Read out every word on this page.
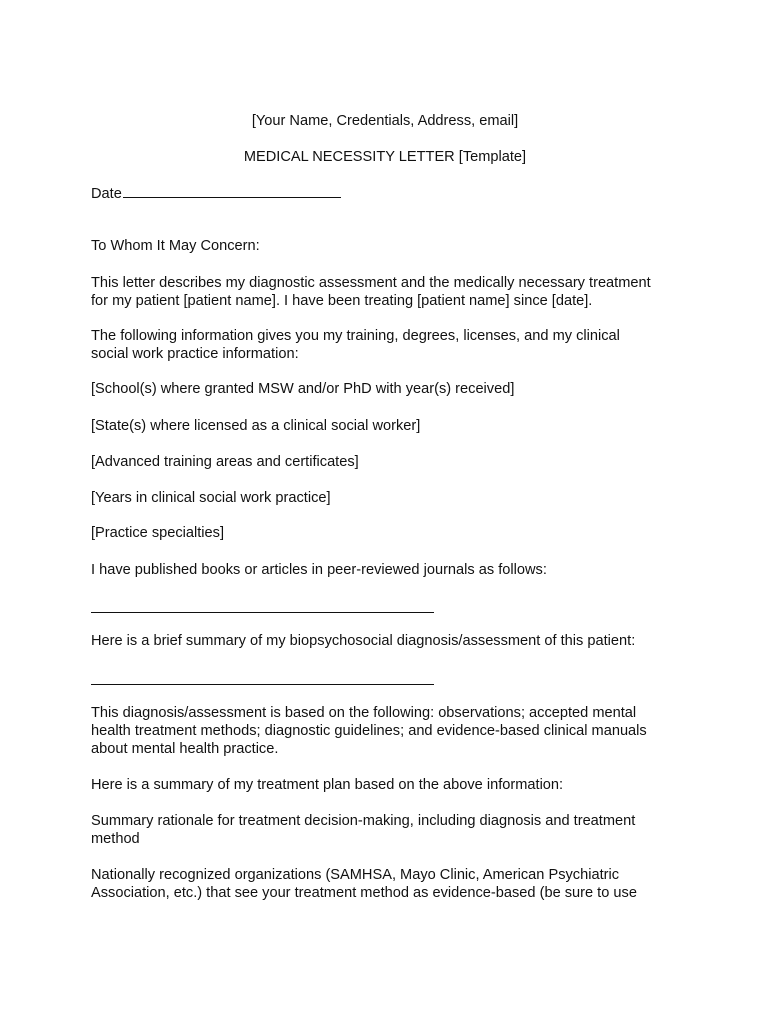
[Your Name, Credentials, Address, email]
MEDICAL NECESSITY LETTER [Template]
Date
To Whom It May Concern:
This letter describes my diagnostic assessment and the medically necessary treatment
for my patient [patient name]. I have been treating [patient name] since [date].
The following information gives you my training, degrees, licenses, and my clinical
social work practice information:
[School(s) where granted MSW and/or PhD with year(s) received]
[State(s) where licensed as a clinical social worker]
[Advanced training areas and certificates]
[Years in clinical social work practice]
[Practice specialties]
I have published books or articles in peer-reviewed journals as follows:
Here is a brief summary of my biopsychosocial diagnosis/assessment of this patient:
This diagnosis/assessment is based on the following: observations; accepted mental
health treatment methods; diagnostic guidelines; and evidence-based clinical manuals
about mental health practice.
Here is a summary of my treatment plan based on the above information:
Summary rationale for treatment decision-making, including diagnosis and treatment
method
Nationally recognized organizations (SAMHSA, Mayo Clinic, American Psychiatric
Association, etc.) that see your treatment method as evidence-based (be sure to use
